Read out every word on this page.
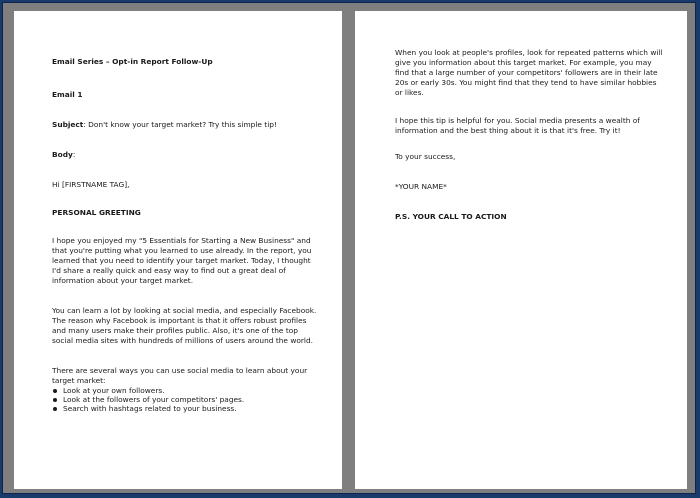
Email Series – Opt-in Report Follow-Up

Email 1

Subject: Don't know your target market? Try this simple tip!

Body:

Hi [FIRSTNAME TAG],

PERSONAL GREETING

I hope you enjoyed my "5 Essentials for Starting a New Business" and that you're putting what you learned to use already. In the report, you learned that you need to identify your target market. Today, I thought I'd share a really quick and easy way to find out a great deal of information about your target market.

You can learn a lot by looking at social media, and especially Facebook. The reason why Facebook is important is that it offers robust profiles and many users make their profiles public. Also, it's one of the top social media sites with hundreds of millions of users around the world.

There are several ways you can use social media to learn about your target market:

Look at your own followers.
Look at the followers of your competitors' pages.
Search with hashtags related to your business.

When you look at people's profiles, look for repeated patterns which will give you information about this target market. For example, you may find that a large number of your competitors' followers are in their late 20s or early 30s. You might find that they tend to have similar hobbies or likes.

I hope this tip is helpful for you. Social media presents a wealth of information and the best thing about it is that it's free. Try it!

To your success,

*YOUR NAME*

P.S. YOUR CALL TO ACTION
